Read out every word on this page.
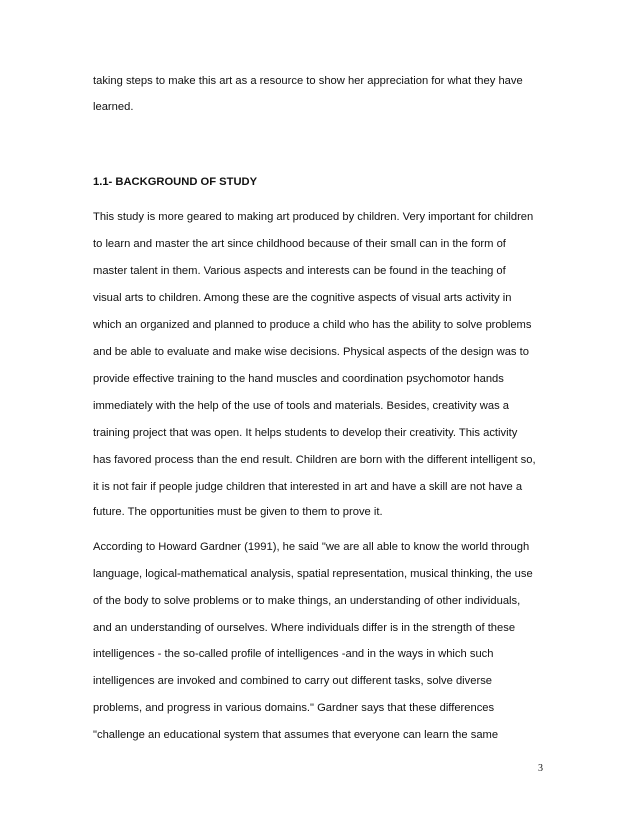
taking steps to make this art as a resource to show her appreciation for what they have

learned.

1.1- BACKGROUND OF STUDY

This study is more geared to making art produced by children. Very important for children

to learn and master the art since childhood because of their small can in the form of

master talent in them. Various aspects and interests can be found in the teaching of

visual arts to children. Among these are the cognitive aspects of visual arts activity in

which an organized and planned to produce a child who has the ability to solve problems

and be able to evaluate and make wise decisions. Physical aspects of the design was to

provide effective training to the hand muscles and coordination psychomotor hands

immediately with the help of the use of tools and materials. Besides, creativity was a

training project that was open. It helps students to develop their creativity. This activity

has favored process than the end result. Children are born with the different intelligent so,

it is not fair if people judge children that interested in art and have a skill are not have a

future. The opportunities must be given to them to prove it.

According to Howard Gardner (1991), he said "we are all able to know the world through

language, logical-mathematical analysis, spatial representation, musical thinking, the use

of the body to solve problems or to make things, an understanding of other individuals,

and an understanding of ourselves. Where individuals differ is in the strength of these

intelligences - the so-called profile of intelligences -and in the ways in which such

intelligences are invoked and combined to carry out different tasks, solve diverse

problems, and progress in various domains." Gardner says that these differences

"challenge an educational system that assumes that everyone can learn the same

3
